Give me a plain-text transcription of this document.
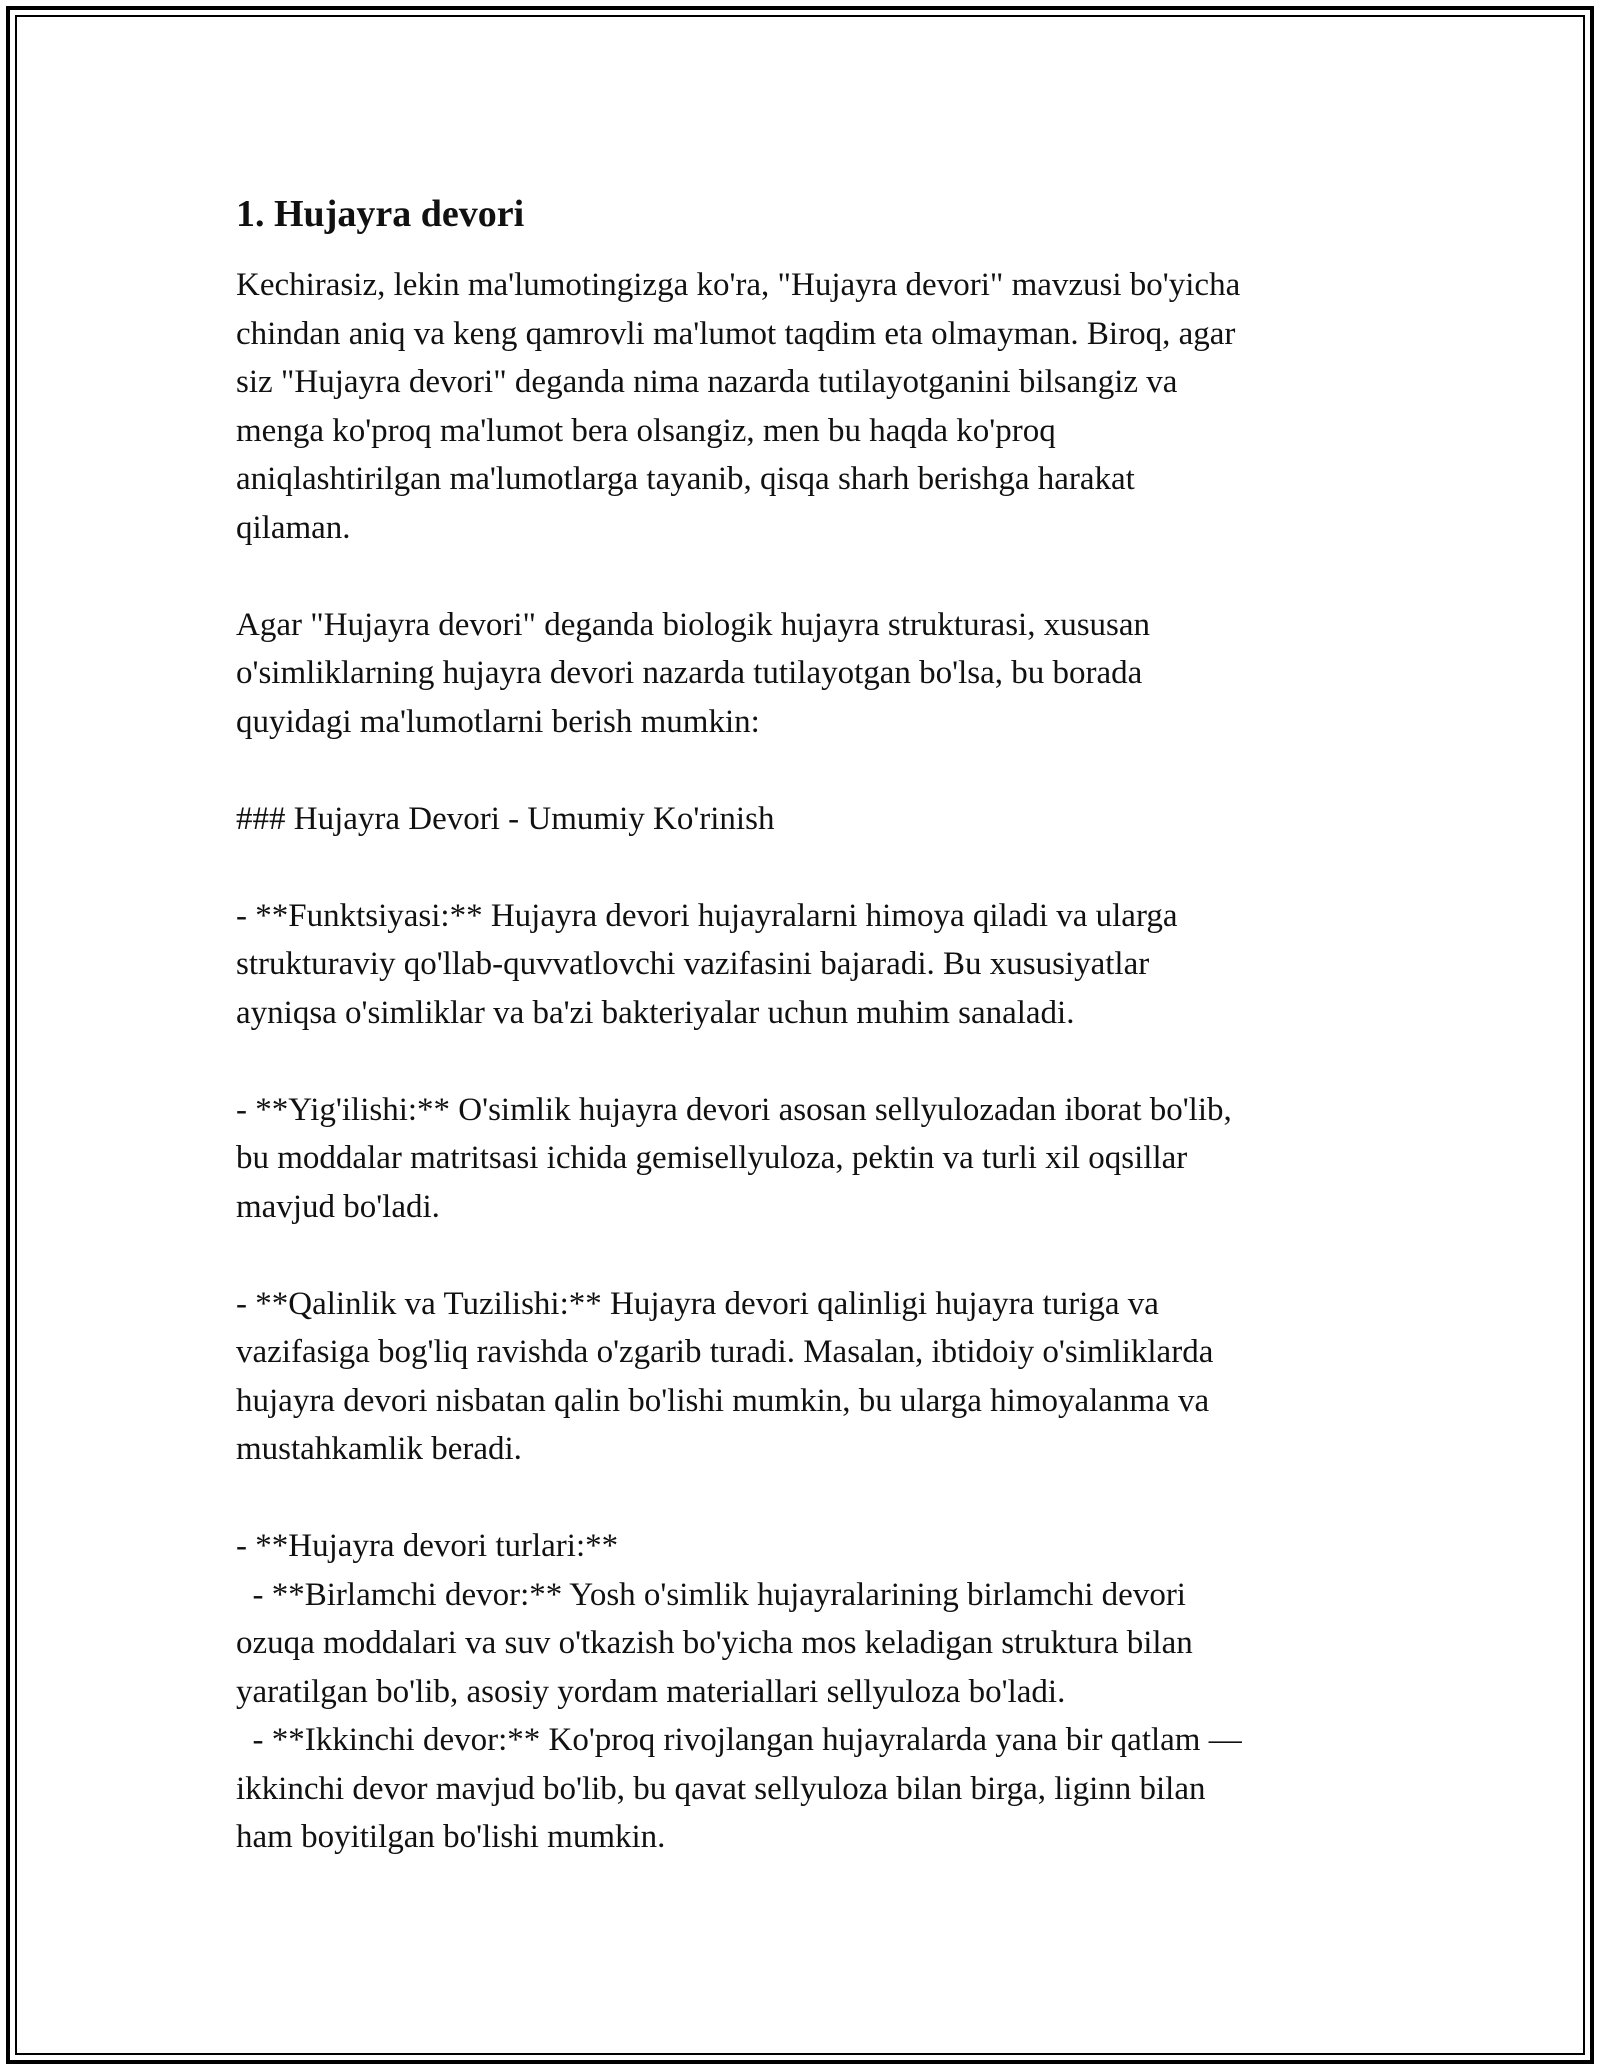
1. Hujayra devori

Kechirasiz, lekin ma'lumotingizga ko'ra, "Hujayra devori" mavzusi bo'yicha
chindan aniq va keng qamrovli ma'lumot taqdim eta olmayman. Biroq, agar
siz "Hujayra devori" deganda nima nazarda tutilayotganini bilsangiz va
menga ko'proq ma'lumot bera olsangiz, men bu haqda ko'proq
aniqlashtirilgan ma'lumotlarga tayanib, qisqa sharh berishga harakat
qilaman.

Agar "Hujayra devori" deganda biologik hujayra strukturasi, xususan
o'simliklarning hujayra devori nazarda tutilayotgan bo'lsa, bu borada
quyidagi ma'lumotlarni berish mumkin:

### Hujayra Devori - Umumiy Ko'rinish

- **Funktsiyasi:** Hujayra devori hujayralarni himoya qiladi va ularga
strukturaviy qo'llab-quvvatlovchi vazifasini bajaradi. Bu xususiyatlar
ayniqsa o'simliklar va ba'zi bakteriyalar uchun muhim sanaladi.

- **Yig'ilishi:** O'simlik hujayra devori asosan sellyulozadan iborat bo'lib,
bu moddalar matritsasi ichida gemisellyuloza, pektin va turli xil oqsillar
mavjud bo'ladi.

- **Qalinlik va Tuzilishi:** Hujayra devori qalinligi hujayra turiga va
vazifasiga bog'liq ravishda o'zgarib turadi. Masalan, ibtidoiy o'simliklarda
hujayra devori nisbatan qalin bo'lishi mumkin, bu ularga himoyalanma va
mustahkamlik beradi.

- **Hujayra devori turlari:**
- **Birlamchi devor:** Yosh o'simlik hujayralarining birlamchi devori
ozuqa moddalari va suv o'tkazish bo'yicha mos keladigan struktura bilan
yaratilgan bo'lib, asosiy yordam materiallari sellyuloza bo'ladi.
- **Ikkinchi devor:** Ko'proq rivojlangan hujayralarda yana bir qatlam —
ikkinchi devor mavjud bo'lib, bu qavat sellyuloza bilan birga, liginn bilan
ham boyitilgan bo'lishi mumkin.
